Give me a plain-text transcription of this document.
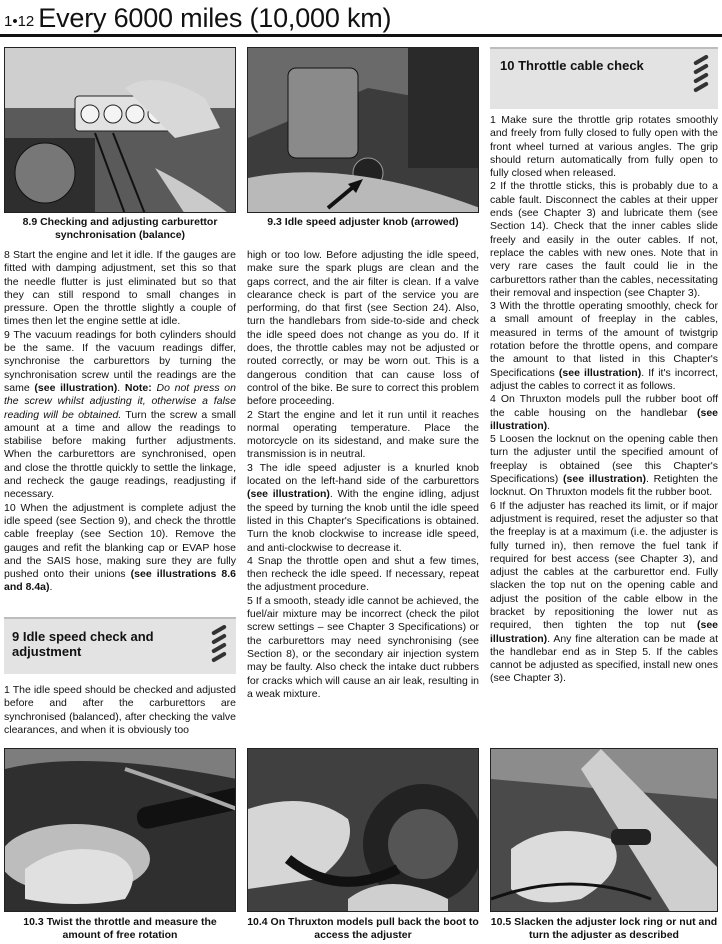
1•12 Every 6000 miles (10,000 km)
8.9 Checking and adjusting carburettor synchronisation (balance)
9.3 Idle speed adjuster knob (arrowed)
10 Throttle cable check

8 Start the engine and let it idle. If the gauges are fitted with damping adjustment, set this so that the needle flutter is just eliminated but so that they can still respond to small changes in pressure. Open the throttle slightly a couple of times then let the engine settle at idle.

9 The vacuum readings for both cylinders should be the same. If the vacuum readings differ, synchronise the carburettors by turning the synchronisation screw until the readings are the same (see illustration). Note: Do not press on the screw whilst adjusting it, otherwise a false reading will be obtained. Turn the screw a small amount at a time and allow the readings to stabilise before making further adjustments. When the carburettors are synchronised, open and close the throttle quickly to settle the linkage, and recheck the gauge readings, readjusting if necessary.

10 When the adjustment is complete adjust the idle speed (see Section 9), and check the throttle cable freeplay (see Section 10). Remove the gauges and refit the blanking cap or EVAP hose and the SAIS hose, making sure they are fully pushed onto their unions (see illustrations 8.6 and 8.4a).

9 Idle speed check and adjustment

1 The idle speed should be checked and adjusted before and after the carburettors are synchronised (balanced), after checking the valve clearances, and when it is obviously too

high or too low. Before adjusting the idle speed, make sure the spark plugs are clean and the gaps correct, and the air filter is clean. If a valve clearance check is part of the service you are performing, do that first (see Section 24). Also, turn the handlebars from side-to-side and check the idle speed does not change as you do. If it does, the throttle cables may not be adjusted or routed correctly, or may be worn out. This is a dangerous condition that can cause loss of control of the bike. Be sure to correct this problem before proceeding.

2 Start the engine and let it run until it reaches normal operating temperature. Place the motorcycle on its sidestand, and make sure the transmission is in neutral.

3 The idle speed adjuster is a knurled knob located on the left-hand side of the carburettors (see illustration). With the engine idling, adjust the speed by turning the knob until the idle speed listed in this Chapter's Specifications is obtained. Turn the knob clockwise to increase idle speed, and anti-clockwise to decrease it.

4 Snap the throttle open and shut a few times, then recheck the idle speed. If necessary, repeat the adjustment procedure.

5 If a smooth, steady idle cannot be achieved, the fuel/air mixture may be incorrect (check the pilot screw settings – see Chapter 3 Specifications) or the carburettors may need synchronising (see Section 8), or the secondary air injection system may be faulty. Also check the intake duct rubbers for cracks which will cause an air leak, resulting in a weak mixture.

1 Make sure the throttle grip rotates smoothly and freely from fully closed to fully open with the front wheel turned at various angles. The grip should return automatically from fully open to fully closed when released.

2 If the throttle sticks, this is probably due to a cable fault. Disconnect the cables at their upper ends (see Chapter 3) and lubricate them (see Section 14). Check that the inner cables slide freely and easily in the outer cables. If not, replace the cables with new ones. Note that in very rare cases the fault could lie in the carburettors rather than the cables, necessitating their removal and inspection (see Chapter 3).

3 With the throttle operating smoothly, check for a small amount of freeplay in the cables, measured in terms of the amount of twistgrip rotation before the throttle opens, and compare the amount to that listed in this Chapter's Specifications (see illustration). If it's incorrect, adjust the cables to correct it as follows.

4 On Thruxton models pull the rubber boot off the cable housing on the handlebar (see illustration).

5 Loosen the locknut on the opening cable then turn the adjuster until the specified amount of freeplay is obtained (see this Chapter's Specifications) (see illustration). Retighten the locknut. On Thruxton models fit the rubber boot.

6 If the adjuster has reached its limit, or if major adjustment is required, reset the adjuster so that the freeplay is at a maximum (i.e. the adjuster is fully turned in), then remove the fuel tank if required for best access (see Chapter 3), and adjust the cables at the carburettor end. Fully slacken the top nut on the opening cable and adjust the position of the cable elbow in the bracket by repositioning the lower nut as required, then tighten the top nut (see illustration). Any fine alteration can be made at the handlebar end as in Step 5. If the cables cannot be adjusted as specified, install new ones (see Chapter 3).

10.3 Twist the throttle and measure the amount of free rotation
10.4 On Thruxton models pull back the boot to access the adjuster
10.5 Slacken the adjuster lock ring or nut and turn the adjuster as described
